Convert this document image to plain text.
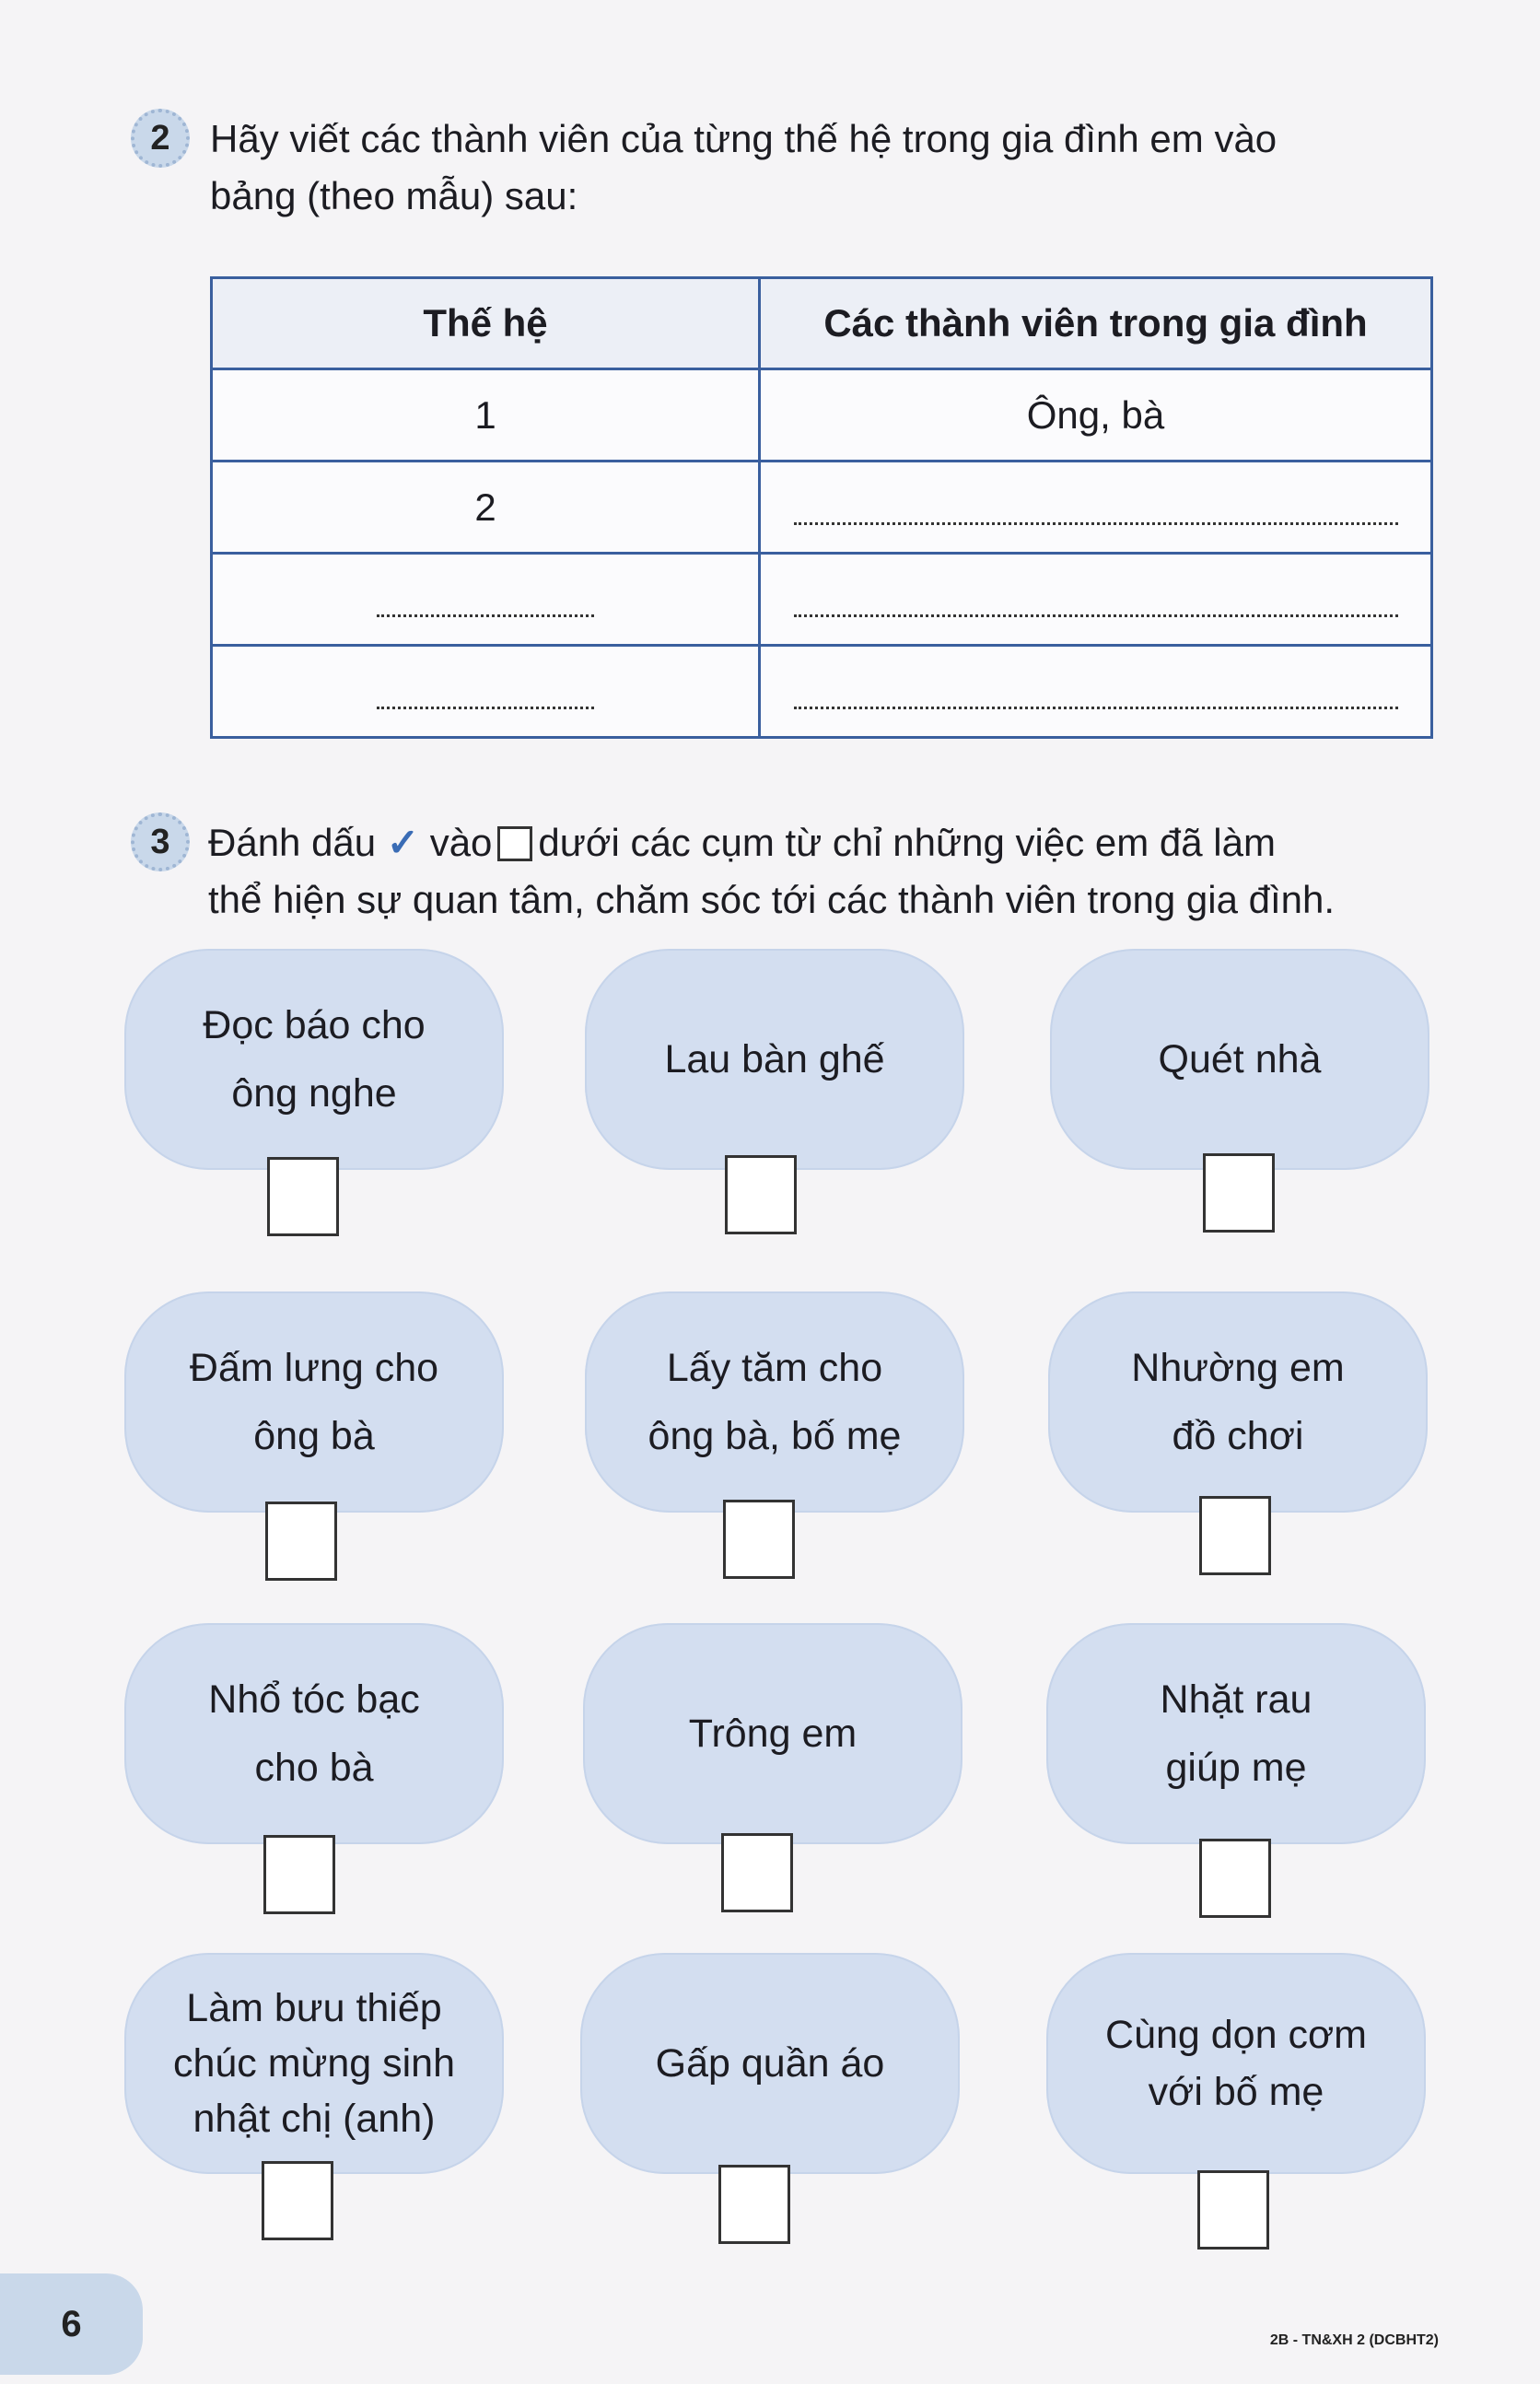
2 Hãy viết các thành viên của từng thế hệ trong gia đình em vào
bảng (theo mẫu) sau:
Thế hệ	Các thành viên trong gia đình
1	Ông, bà
2	

3 Đánh dấu ✓ vào dưới các cụm từ chỉ những việc em đã làm
thể hiện sự quan tâm, chăm sóc tới các thành viên trong gia đình.
Đọc báo cho
ông nghe
Lau bàn ghế	Quét nhà
Đấm lưng cho
ông bà
Lấy tăm cho
ông bà, bố mẹ
Nhường em
đồ chơi
Nhổ tóc bạc
cho bà
Trông em
Nhặt rau
giúp mẹ
Làm bưu thiếp
chúc mừng sinh
nhật chị (anh)
Gấp quần áo
Cùng dọn cơm
với bố mẹ
6	2B - TN&XH 2 (DCBHT2)
